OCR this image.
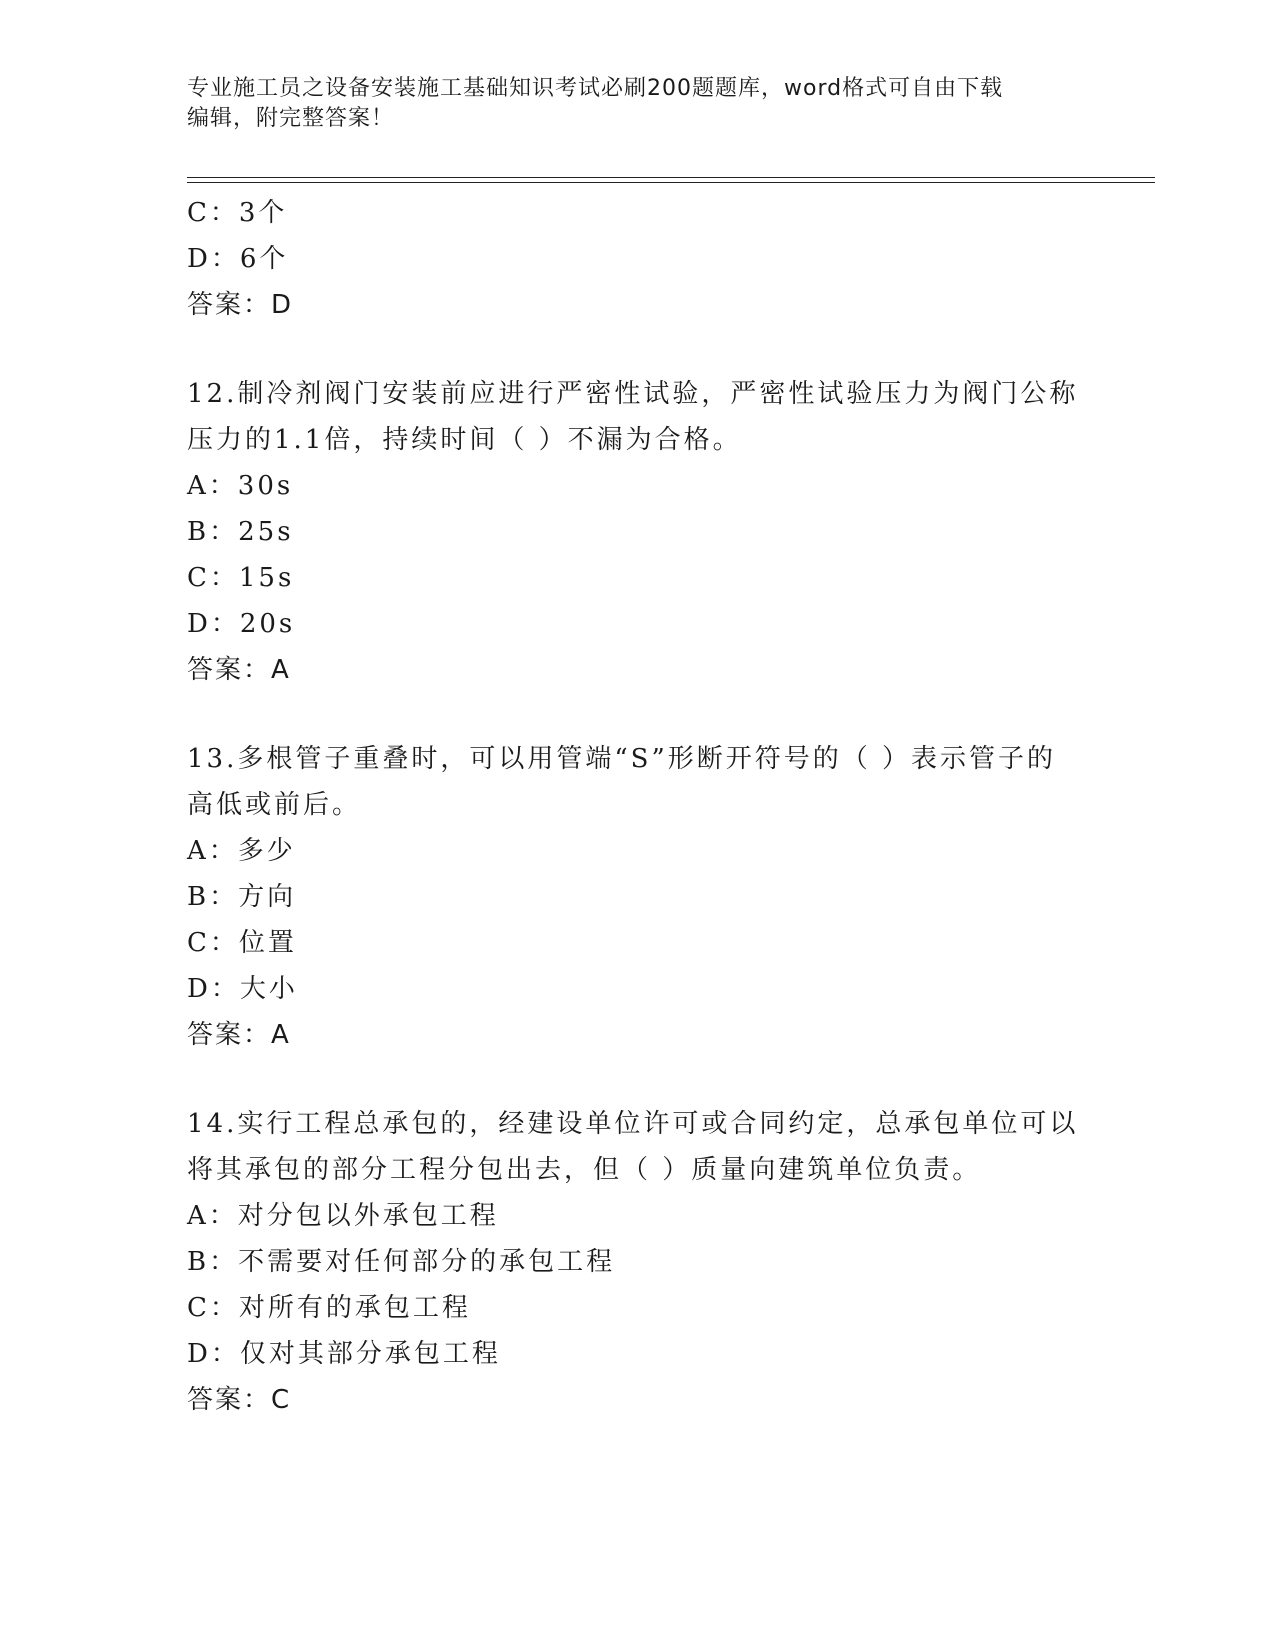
专业施工员之设备安装施工基础知识考试必刷200题题库，word格式可自由下载
编辑，附完整答案！
C：3个
D：6个
答案：D
12.制冷剂阀门安装前应进行严密性试验，严密性试验压力为阀门公称
压力的1.1倍，持续时间（ ）不漏为合格。
A：30s
B：25s
C：15s
D：20s
答案：A
13.多根管子重叠时，可以用管端“S”形断开符号的（ ）表示管子的
高低或前后。
A：多少
B：方向
C：位置
D：大小
答案：A
14.实行工程总承包的，经建设单位许可或合同约定，总承包单位可以
将其承包的部分工程分包出去，但（ ）质量向建筑单位负责。
A：对分包以外承包工程
B：不需要对任何部分的承包工程
C：对所有的承包工程
D：仅对其部分承包工程
答案：C
